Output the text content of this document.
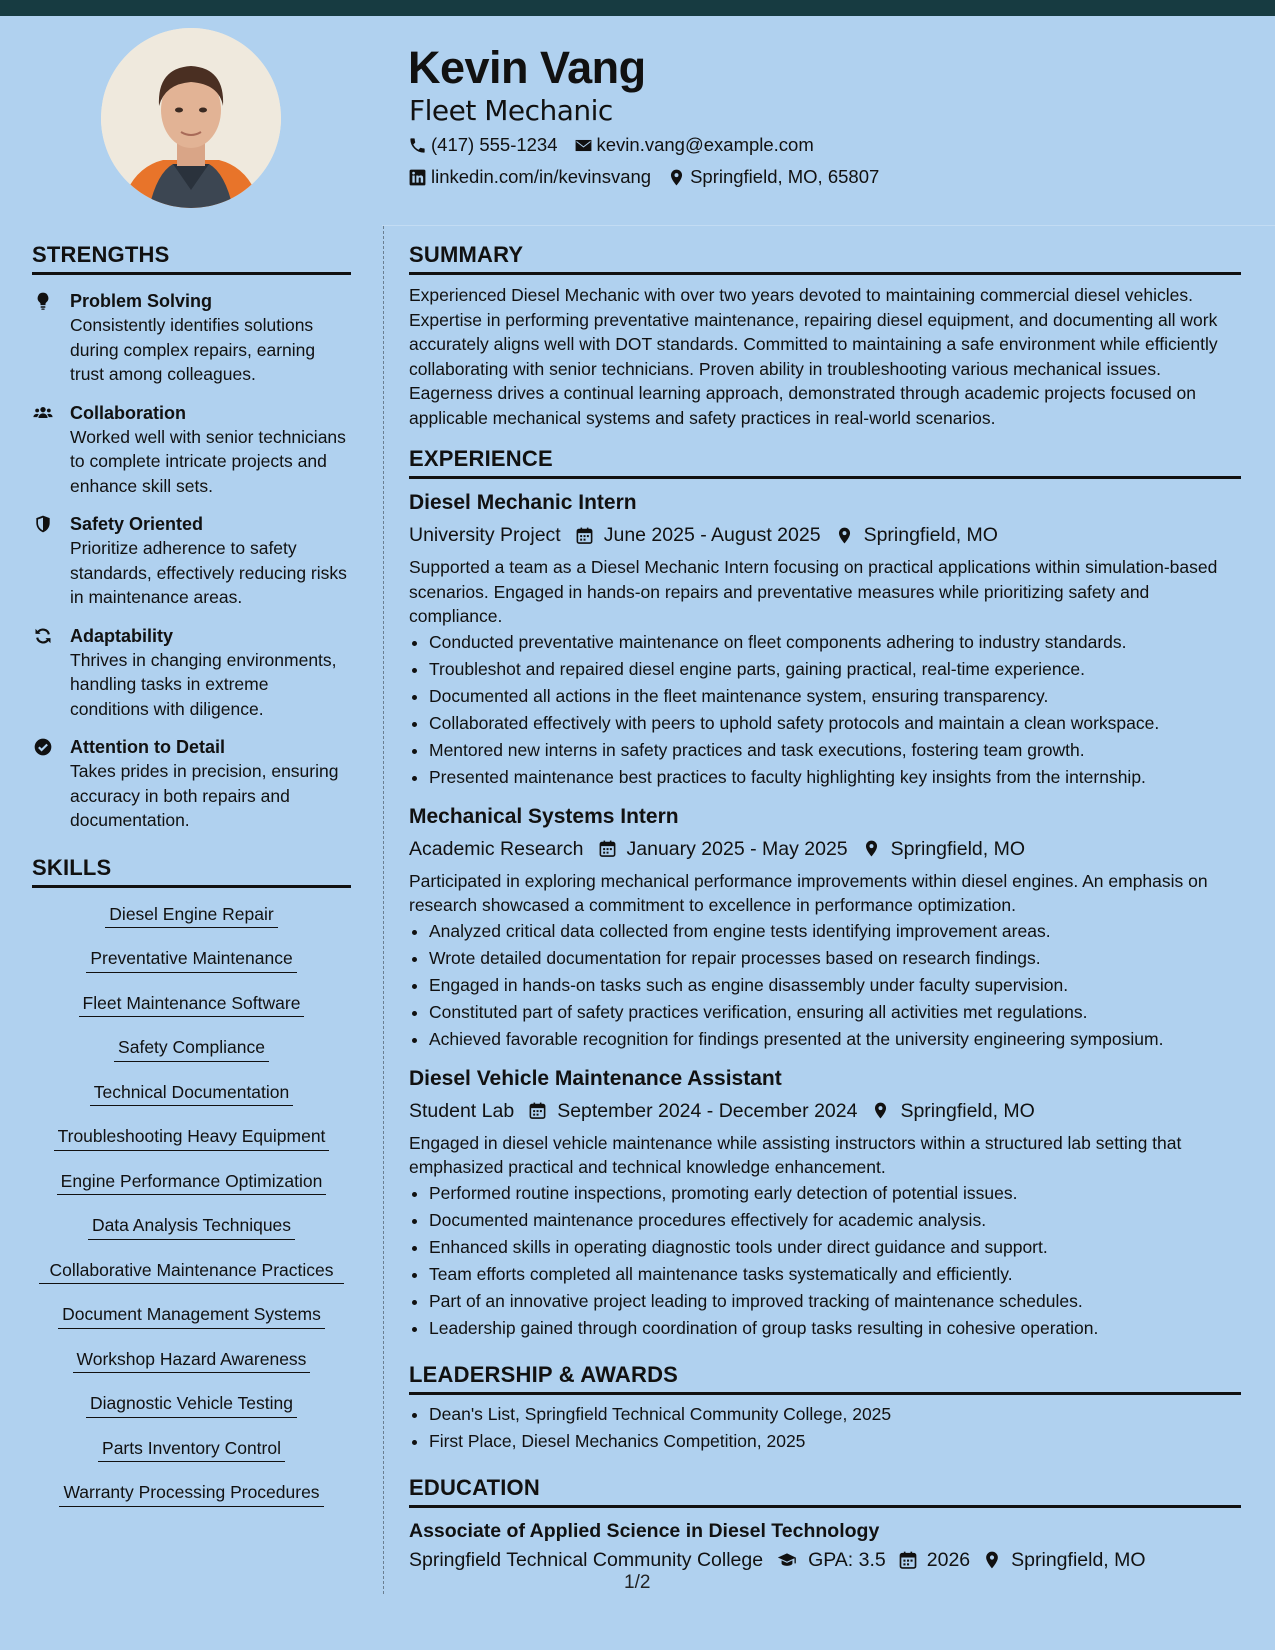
Kevin Vang
Fleet Mechanic
(417) 555-1234 kevin.vang@example.com
linkedin.com/in/kevinsvang Springfield, MO, 65807
STRENGTHS
Problem Solving
Consistently identifies solutions during complex repairs, earning trust among colleagues.
Collaboration
Worked well with senior technicians to complete intricate projects and enhance skill sets.
Safety Oriented
Prioritize adherence to safety standards, effectively reducing risks in maintenance areas.
Adaptability
Thrives in changing environments, handling tasks in extreme conditions with diligence.
Attention to Detail
Takes prides in precision, ensuring accuracy in both repairs and documentation.
SKILLS
Diesel Engine Repair
Preventative Maintenance
Fleet Maintenance Software
Safety Compliance
Technical Documentation
Troubleshooting Heavy Equipment
Engine Performance Optimization
Data Analysis Techniques
Collaborative Maintenance Practices
Document Management Systems
Workshop Hazard Awareness
Diagnostic Vehicle Testing
Parts Inventory Control
Warranty Processing Procedures
SUMMARY

Experienced Diesel Mechanic with over two years devoted to maintaining commercial diesel vehicles. Expertise in performing preventative maintenance, repairing diesel equipment, and documenting all work accurately aligns well with DOT standards. Committed to maintaining a safe environment while efficiently collaborating with senior technicians. Proven ability in troubleshooting various mechanical issues. Eagerness drives a continual learning approach, demonstrated through academic projects focused on applicable mechanical systems and safety practices in real-world scenarios.

EXPERIENCE
Diesel Mechanic Intern
University Project June 2025 - August 2025 Springfield, MO

Supported a team as a Diesel Mechanic Intern focusing on practical applications within simulation-based scenarios. Engaged in hands-on repairs and preventative measures while prioritizing safety and compliance.

• Conducted preventative maintenance on fleet components adhering to industry standards.
• Troubleshot and repaired diesel engine parts, gaining practical, real-time experience.
• Documented all actions in the fleet maintenance system, ensuring transparency.
• Collaborated effectively with peers to uphold safety protocols and maintain a clean workspace.
• Mentored new interns in safety practices and task executions, fostering team growth.
• Presented maintenance best practices to faculty highlighting key insights from the internship.
Mechanical Systems Intern
Academic Research January 2025 - May 2025 Springfield, MO

Participated in exploring mechanical performance improvements within diesel engines. An emphasis on research showcased a commitment to excellence in performance optimization.

• Analyzed critical data collected from engine tests identifying improvement areas.
• Wrote detailed documentation for repair processes based on research findings.
• Engaged in hands-on tasks such as engine disassembly under faculty supervision.
• Constituted part of safety practices verification, ensuring all activities met regulations.
• Achieved favorable recognition for findings presented at the university engineering symposium.
Diesel Vehicle Maintenance Assistant
Student Lab September 2024 - December 2024 Springfield, MO

Engaged in diesel vehicle maintenance while assisting instructors within a structured lab setting that emphasized practical and technical knowledge enhancement.

• Performed routine inspections, promoting early detection of potential issues.
• Documented maintenance procedures effectively for academic analysis.
• Enhanced skills in operating diagnostic tools under direct guidance and support.
• Team efforts completed all maintenance tasks systematically and efficiently.
• Part of an innovative project leading to improved tracking of maintenance schedules.
• Leadership gained through coordination of group tasks resulting in cohesive operation.
LEADERSHIP & AWARDS
• Dean's List, Springfield Technical Community College, 2025
• First Place, Diesel Mechanics Competition, 2025
EDUCATION
Associate of Applied Science in Diesel Technology
Springfield Technical Community College GPA: 3.5 2026 Springfield, MO
1/2
